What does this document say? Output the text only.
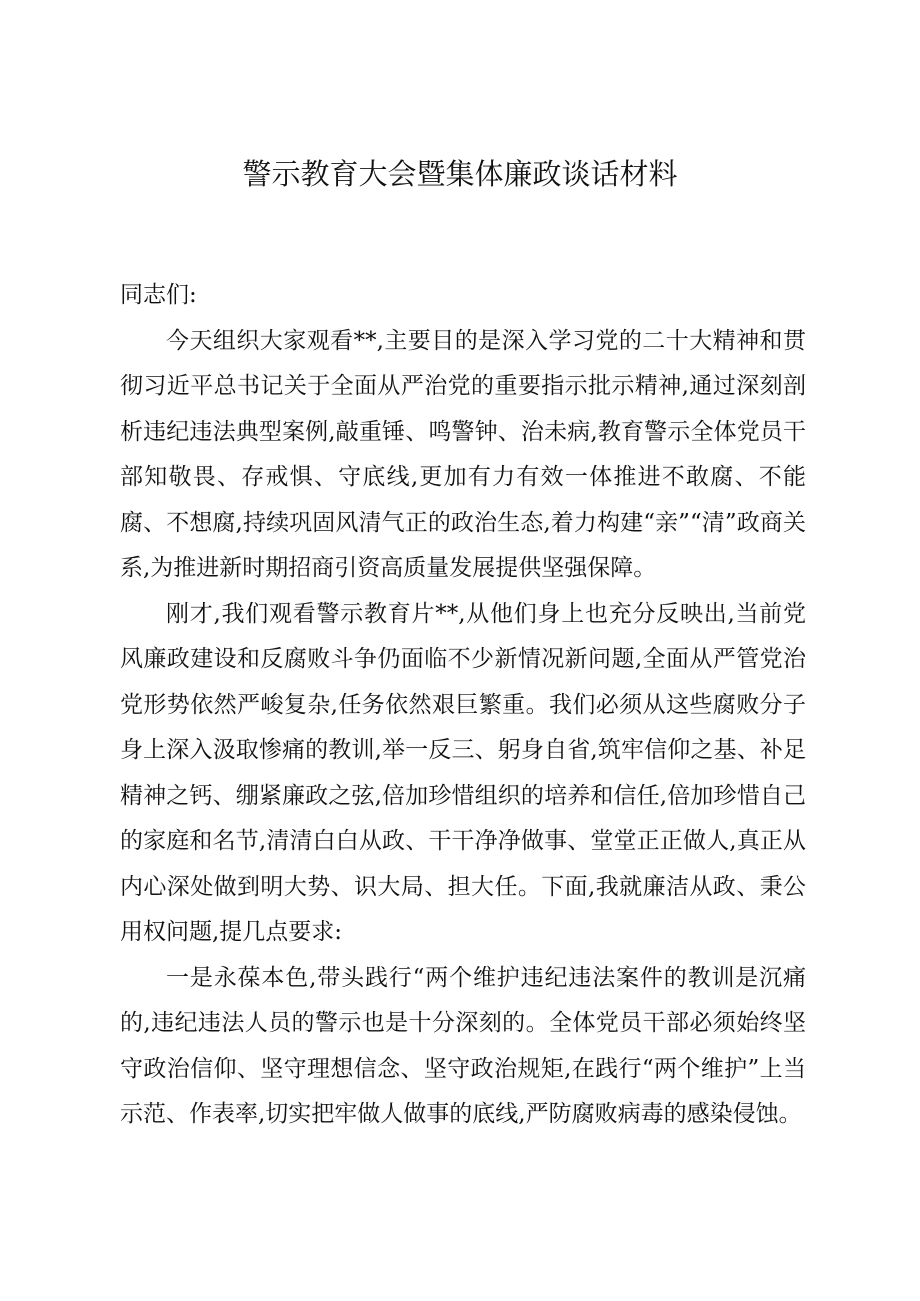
警示教育大会暨集体廉政谈话材料

同志们:

今天组织大家观看**,主要目的是深入学习党的二十大精神和贯彻习近平总书记关于全面从严治党的重要指示批示精神,通过深刻剖析违纪违法典型案例,敲重锤、鸣警钟、治未病,教育警示全体党员干部知敬畏、存戒惧、守底线,更加有力有效一体推进不敢腐、不能腐、不想腐,持续巩固风清气正的政治生态,着力构建“亲”“清”政商关系,为推进新时期招商引资高质量发展提供坚强保障。

刚才,我们观看警示教育片**,从他们身上也充分反映出,当前党风廉政建设和反腐败斗争仍面临不少新情况新问题,全面从严管党治党形势依然严峻复杂,任务依然艰巨繁重。我们必须从这些腐败分子身上深入汲取惨痛的教训,举一反三、躬身自省,筑牢信仰之基、补足精神之钙、绷紧廉政之弦,倍加珍惜组织的培养和信任,倍加珍惜自己的家庭和名节,清清白白从政、干干净净做事、堂堂正正做人,真正从内心深处做到明大势、识大局、担大任。下面,我就廉洁从政、秉公用权问题,提几点要求:

一是永葆本色,带头践行“两个维护违纪违法案件的教训是沉痛的,违纪违法人员的警示也是十分深刻的。全体党员干部必须始终坚守政治信仰、坚守理想信念、坚守政治规矩,在践行“两个维护”上当示范、作表率,切实把牢做人做事的底线,严防腐败病毒的感染侵蚀。
